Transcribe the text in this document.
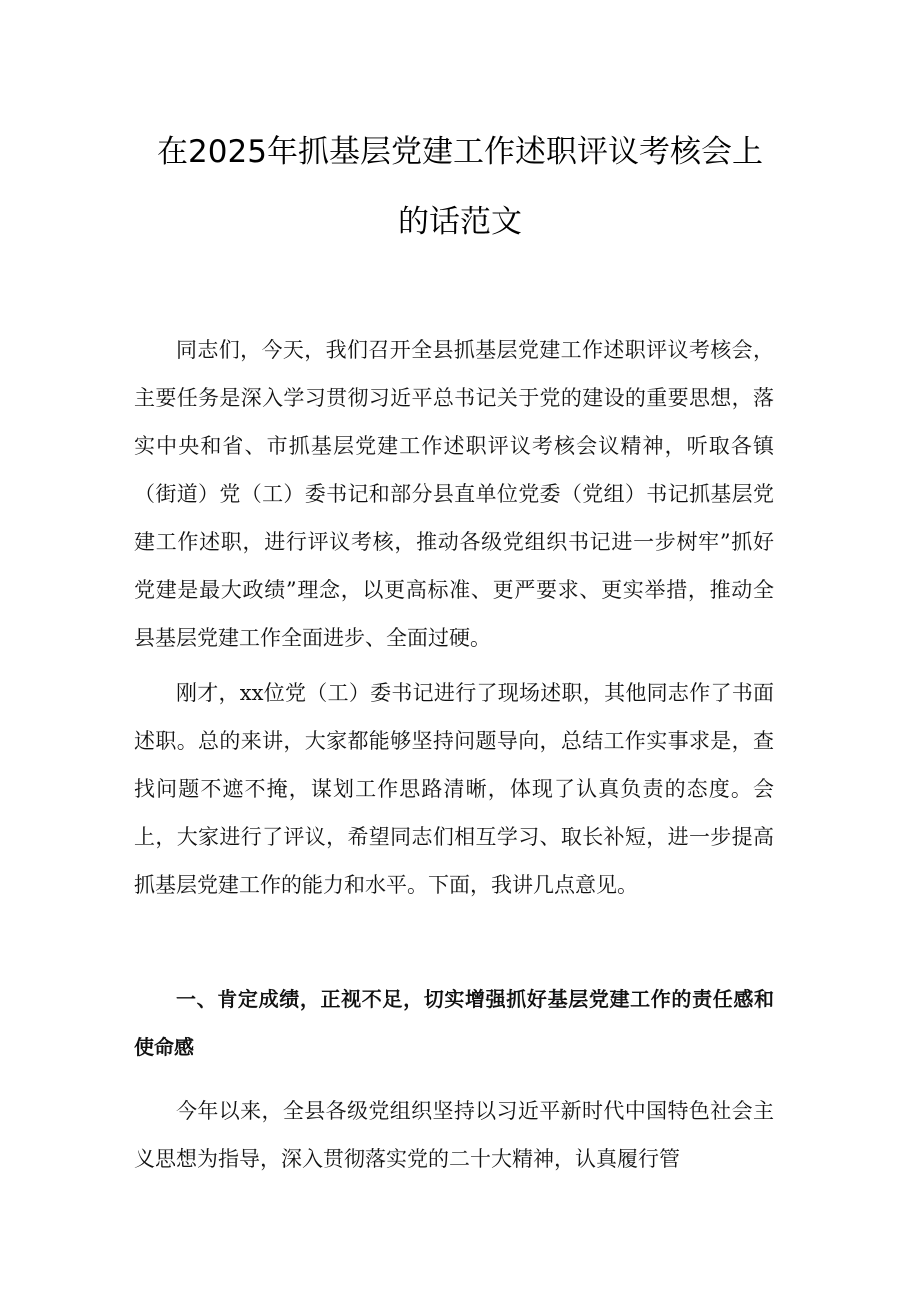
在2025年抓基层党建工作述职评议考核会上
的话范文

同志们，今天，我们召开全县抓基层党建工作述职评议考核会，主要任务是深入学习贯彻习近平总书记关于党的建设的重要思想，落实中央和省、市抓基层党建工作述职评议考核会议精神，听取各镇（街道）党（工）委书记和部分县直单位党委（党组）书记抓基层党建工作述职，进行评议考核，推动各级党组织书记进一步树牢”抓好党建是最大政绩”理念，以更高标准、更严要求、更实举措，推动全县基层党建工作全面进步、全面过硬。

刚才，xx位党（工）委书记进行了现场述职，其他同志作了书面述职。总的来讲，大家都能够坚持问题导向，总结工作实事求是，查找问题不遮不掩，谋划工作思路清晰，体现了认真负责的态度。会上，大家进行了评议，希望同志们相互学习、取长补短，进一步提高抓基层党建工作的能力和水平。下面，我讲几点意见。

一、肯定成绩，正视不足，切实增强抓好基层党建工作的责任感和使命感

今年以来，全县各级党组织坚持以习近平新时代中国特色社会主义思想为指导，深入贯彻落实党的二十大精神，认真履行管
